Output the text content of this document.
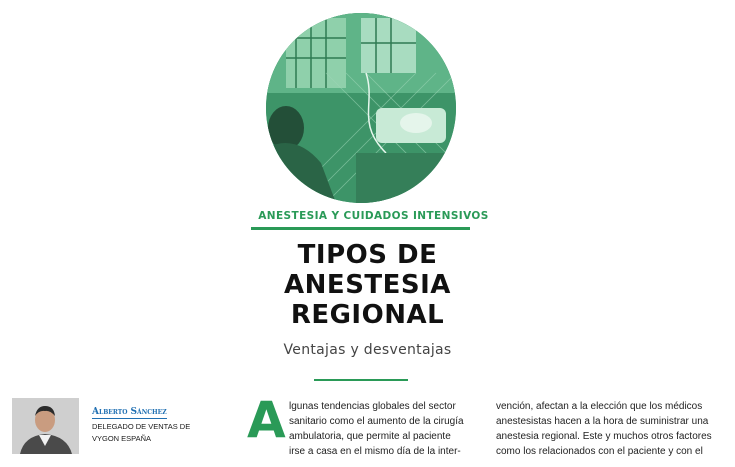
ANESTESIA Y CUIDADOS INTENSIVOS
TIPOS DE
ANESTESIA
REGIONAL
Ventajas y desventajas
Alberto Sánchez
DELEGADO DE VENTAS DE
VYGON ESPAÑA	A lgunas tendencias globales del sector
sanitario como el aumento de la cirugía
ambulatoria, que permite al paciente
irse a casa en el mismo día de la inter-
vención, afectan a la elección que los médicos
anestesistas hacen a la hora de suministrar una
anestesia regional. Este y muchos otros factores
como los relacionados con el paciente y con el
